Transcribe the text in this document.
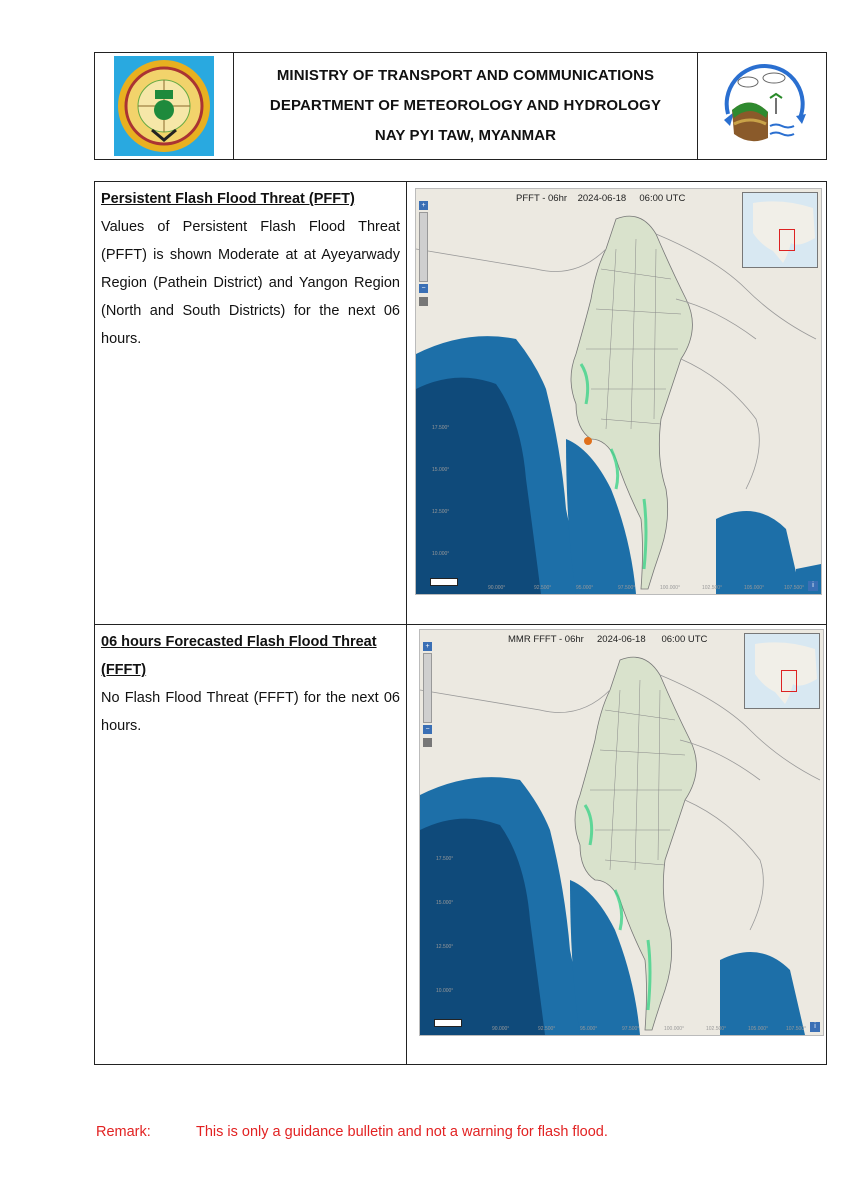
MINISTRY OF TRANSPORT AND COMMUNICATIONS
DEPARTMENT OF METEOROLOGY AND HYDROLOGY
NAY PYI TAW, MYANMAR
Persistent Flash Flood Threat (PFFT)
Values of Persistent Flash Flood Threat (PFFT) is shown Moderate at at Ayeyarwady Region (Pathein District) and Yangon Region (North and South Districts) for the next 06 hours.
PFFT - 06hr    2024-06-18     06:00 UTC
+
−
17.500°
15.000°
12.500°
10.000°
90.000°	92.500°	95.000°	97.500°	100.000°	102.500°	105.000°	107.500°	i
06 hours Forecasted Flash Flood Threat (FFFT)
No Flash Flood Threat (FFFT) for the next 06 hours.
MMR FFFT - 06hr     2024-06-18      06:00 UTC
+
−
17.500°
15.000°
12.500°
10.000°
90.000°	92.500°	95.000°	97.500°	100.000°	102.500°	105.000°	107.500°	i
Remark:	This is only a guidance bulletin and not a warning for flash flood.
